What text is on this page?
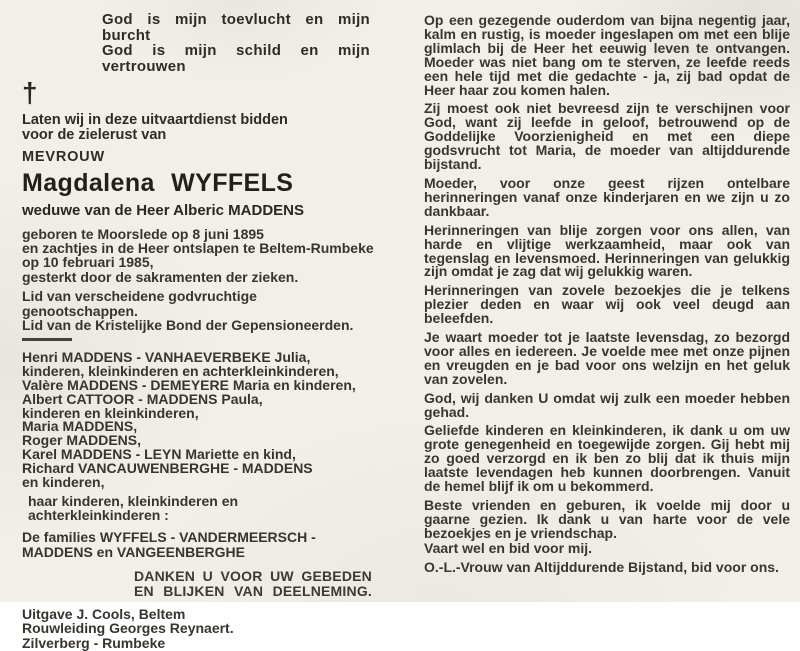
God is mijn toevlucht en mijn burcht
God is mijn schild en mijn vertrouwen
†
Laten wij in deze uitvaartdienst bidden
voor de zielerust van
MEVROUW
Magdalena WYFFELS
weduwe van de Heer Alberic MADDENS
geboren te Moorslede op 8 juni 1895
en zachtjes in de Heer ontslapen te Beltem-Rumbeke
op 10 februari 1985,
gesterkt door de sakramenten der zieken.
Lid van verscheidene godvruchtige genootschappen.
Lid van de Kristelijke Bond der Gepensioneerden.
Henri MADDENS - VANHAEVERBEKE Julia,
kinderen, kleinkinderen en achterkleinkinderen,
Valère MADDENS - DEMEYERE Maria en kinderen,
Albert CATTOOR - MADDENS Paula,
kinderen en kleinkinderen,
Maria MADDENS,
Roger MADDENS,
Karel MADDENS - LEYN Mariette en kind,
Richard VANCAUWENBERGHE - MADDENS
en kinderen,
haar kinderen, kleinkinderen en achterkleinkinderen :
De families WYFFELS - VANDERMEERSCH -
MADDENS en VANGEENBERGHE
DANKEN U VOOR UW GEBEDEN
EN BLIJKEN VAN DEELNEMING.
Uitgave J. Cools, Beltem
Rouwleiding Georges Reynaert.
Zilverberg - Rumbeke

Op een gezegende ouderdom van bijna negentig jaar, kalm en rustig, is moeder ingeslapen om met een blije glimlach bij de Heer het eeuwig leven te ontvangen. Moeder was niet bang om te sterven, ze leefde reeds een hele tijd met die gedachte - ja, zij bad opdat de Heer haar zou komen halen.

Zij moest ook niet bevreesd zijn te verschijnen voor God, want zij leefde in geloof, betrouwend op de Goddelijke Voorzienigheid en met een diepe godsvrucht tot Maria, de moeder van altijddurende bijstand.

Moeder, voor onze geest rijzen ontelbare herinneringen vanaf onze kinderjaren en we zijn u zo dankbaar.

Herinneringen van blije zorgen voor ons allen, van harde en vlijtige werkzaamheid, maar ook van tegenslag en levensmoed. Herinneringen van gelukkig zijn omdat je zag dat wij gelukkig waren.

Herinneringen van zovele bezoekjes die je telkens plezier deden en waar wij ook veel deugd aan beleefden.

Je waart moeder tot je laatste levensdag, zo bezorgd voor alles en iedereen. Je voelde mee met onze pijnen en vreugden en je bad voor ons welzijn en het geluk van zovelen.

God, wij danken U omdat wij zulk een moeder hebben gehad.

Geliefde kinderen en kleinkinderen, ik dank u om uw grote genegenheid en toegewijde zorgen. Gij hebt mij zo goed verzorgd en ik ben zo blij dat ik thuis mijn laatste levendagen heb kunnen doorbrengen. Vanuit de hemel blijf ik om u bekommerd.

Beste vrienden en geburen, ik voelde mij door u gaarne gezien. Ik dank u van harte voor de vele bezoekjes en je vriendschap.

Vaart wel en bid voor mij.

O.-L.-Vrouw van Altijddurende Bijstand, bid voor ons.
